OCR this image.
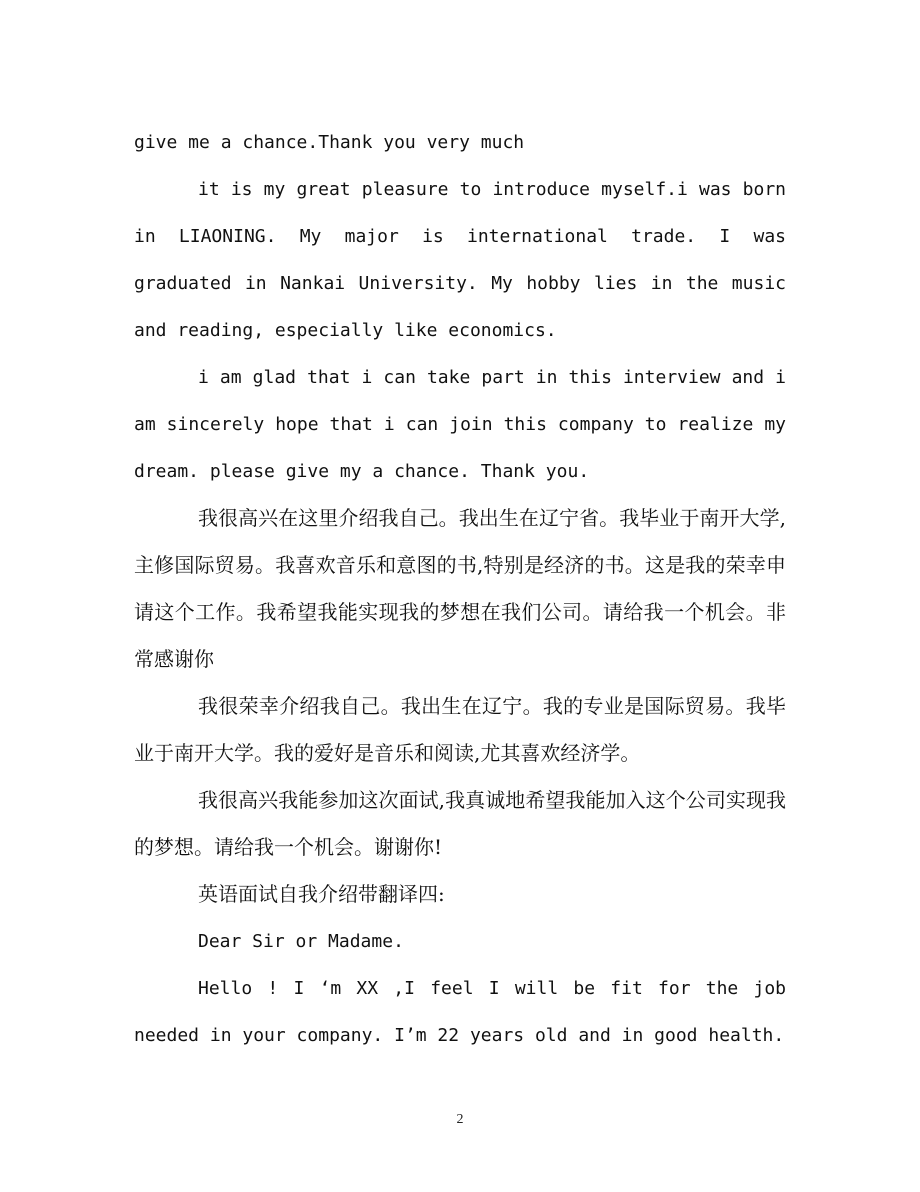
give me a chance.Thank you very much

it is my great pleasure to introduce myself.i was born in LIAONING. My major is international trade. I was graduated in Nankai University. My hobby lies in the music and reading, especially like economics.

i am glad that i can take part in this interview and i am sincerely hope that i can join this company to realize my dream. please give my a chance. Thank you.

我很高兴在这里介绍我自己。我出生在辽宁省。我毕业于南开大学,主修国际贸易。我喜欢音乐和意图的书,特别是经济的书。这是我的荣幸申请这个工作。我希望我能实现我的梦想在我们公司。请给我一个机会。非常感谢你

我很荣幸介绍我自己。我出生在辽宁。我的专业是国际贸易。我毕业于南开大学。我的爱好是音乐和阅读,尤其喜欢经济学。

我很高兴我能参加这次面试,我真诚地希望我能加入这个公司实现我的梦想。请给我一个机会。谢谢你!

英语面试自我介绍带翻译四:

Dear Sir or Madame.

Hello ! I ‘m XX ,I feel I will be fit for the job needed in your company. I’m 22 years old and in good health.

2
